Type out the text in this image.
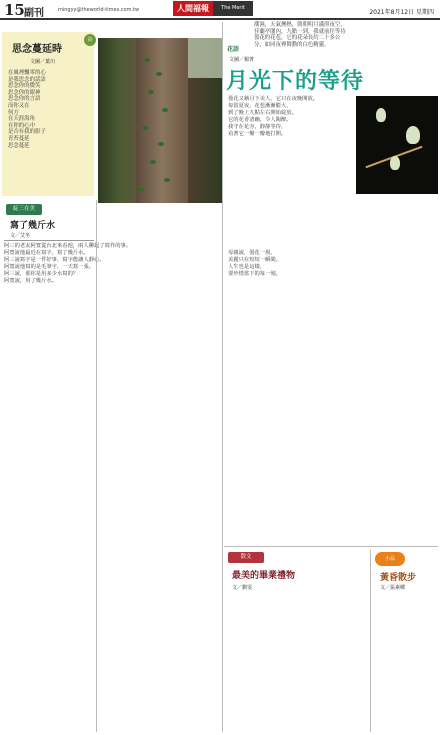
15 副刊	mingyy@theworld-times.com.tw	人間福報	The Merit Times
2021年8月12日 星期四
詩
思念蔓延時
文圖／葉川
在風裡飄零的心
是我思念的話語
思念你的微笑
思念你的眼神
思念你的言語
而你又在
何方
在天涯海角
在你的心中
是否有我的影子
青苔蔓延
思念蔓延
綻三在美
寫了幾斤水
文／艾冬
阿三的老友阿寬從台北來看他，兩人聊起了寫作的事。
阿寬說他最近在寫字，寫了幾斤水。
阿三說寫字是一件好事，寫字能讓人靜心。
阿寬說他寫的是毛筆字，一天寫一張。
阿三說，那你是用多少水寫的？
阿寬說，用了幾斤水。
潮濕，天氣燠熱，朝朝明月滿照夜空，
佳蘭亭閣內，九點一到，我就前往等待
曇花的花苞，它的花朵長約二十多公
分，如同夜裡舞動的白色精靈。
花語
文圖／楊菁
月光下的等待
曇花又稱月下美人，它只在夜晚開放。
每當夏夜，花苞漸漸膨大，
到了晚上九點左右開始綻放。
它的花香清幽，令人陶醉。
我守在花旁，靜靜等待，
看著它一瓣一瓣地打開。
母親說，曇花一現，
美麗只在短短一瞬間。
人生也是這樣，
要珍惜當下的每一刻。
散文
最美的畢業禮物
文／劉雯
小品
黃昏散步
文／張素卿
